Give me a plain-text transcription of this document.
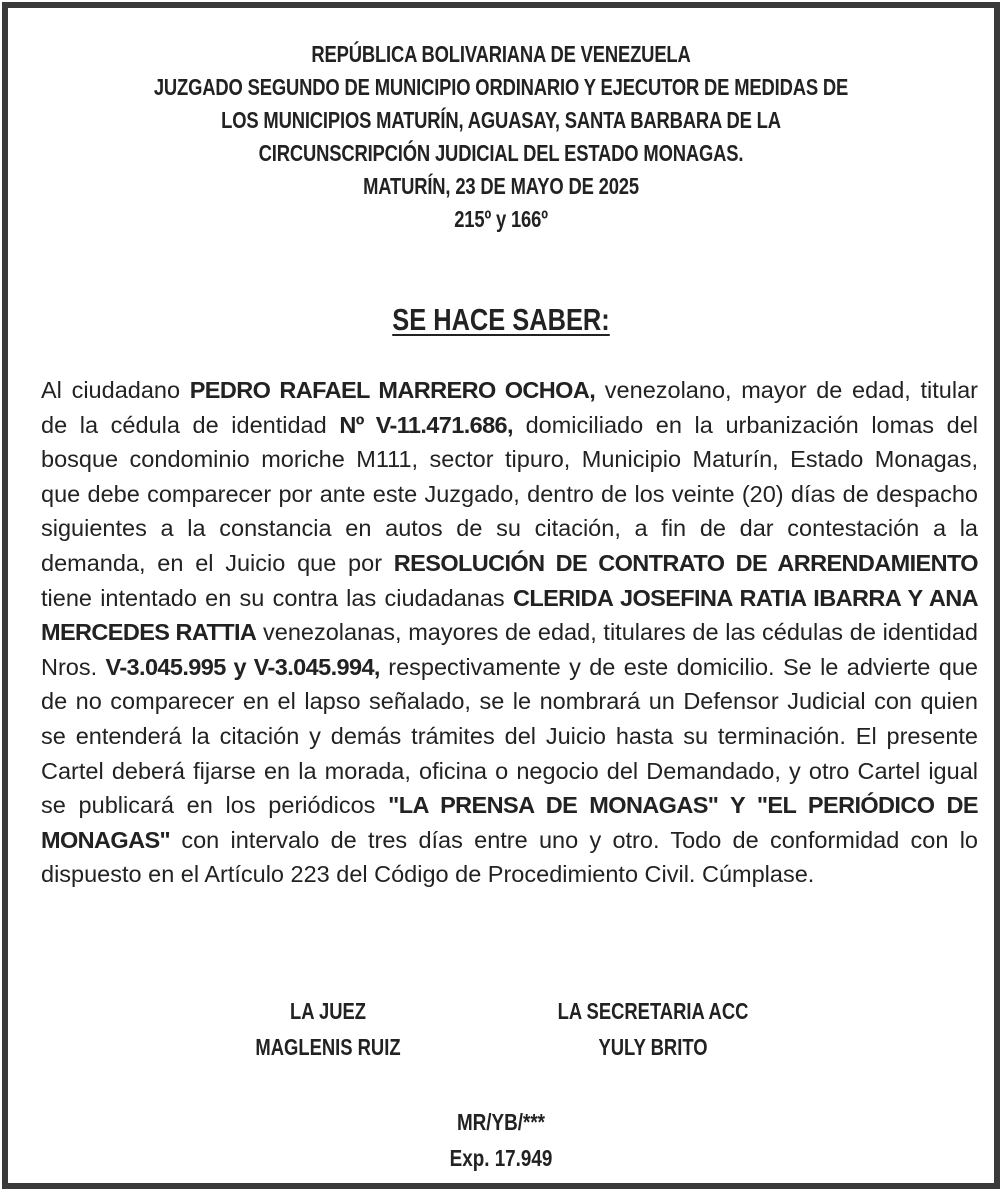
REPÚBLICA BOLIVARIANA DE VENEZUELA
JUZGADO SEGUNDO DE MUNICIPIO ORDINARIO Y EJECUTOR DE MEDIDAS DE
LOS MUNICIPIOS MATURÍN, AGUASAY, SANTA BARBARA DE LA
CIRCUNSCRIPCIÓN JUDICIAL DEL ESTADO MONAGAS.
MATURÍN, 23 DE MAYO DE 2025
215º y 166º
SE HACE SABER:
Al ciudadano PEDRO RAFAEL MARRERO OCHOA, venezolano, mayor de edad, titular de la cédula de identidad Nº V-11.471.686, domiciliado en la urbanización lomas del bosque condominio moriche M111, sector tipuro, Municipio Maturín, Estado Monagas, que debe comparecer por ante este Juzgado, dentro de los veinte (20) días de despacho siguientes a la constancia en autos de su citación, a fin de dar contestación a la demanda, en el Juicio que por RESOLUCIÓN DE CONTRATO DE ARRENDAMIENTO tiene intentado en su contra las ciudadanas CLERIDA JOSEFINA RATIA IBARRA Y ANA MERCEDES RATTIA venezolanas, mayores de edad, titulares de las cédulas de identidad Nros. V-3.045.995 y V-3.045.994, respectivamente y de este domicilio. Se le advierte que de no comparecer en el lapso señalado, se le nombrará un Defensor Judicial con quien se entenderá la citación y demás trámites del Juicio hasta su terminación. El presente Cartel deberá fijarse en la morada, oficina o negocio del Demandado, y otro Cartel igual se publicará en los periódicos "LA PRENSA DE MONAGAS" Y "EL PERIÓDICO DE MONAGAS" con intervalo de tres días entre uno y otro. Todo de conformidad con lo dispuesto en el Artículo 223 del Código de Procedimiento Civil. Cúmplase.
LA JUEZ
MAGLENIS RUIZ
LA SECRETARIA ACC
YULY BRITO
MR/YB/***
Exp. 17.949
